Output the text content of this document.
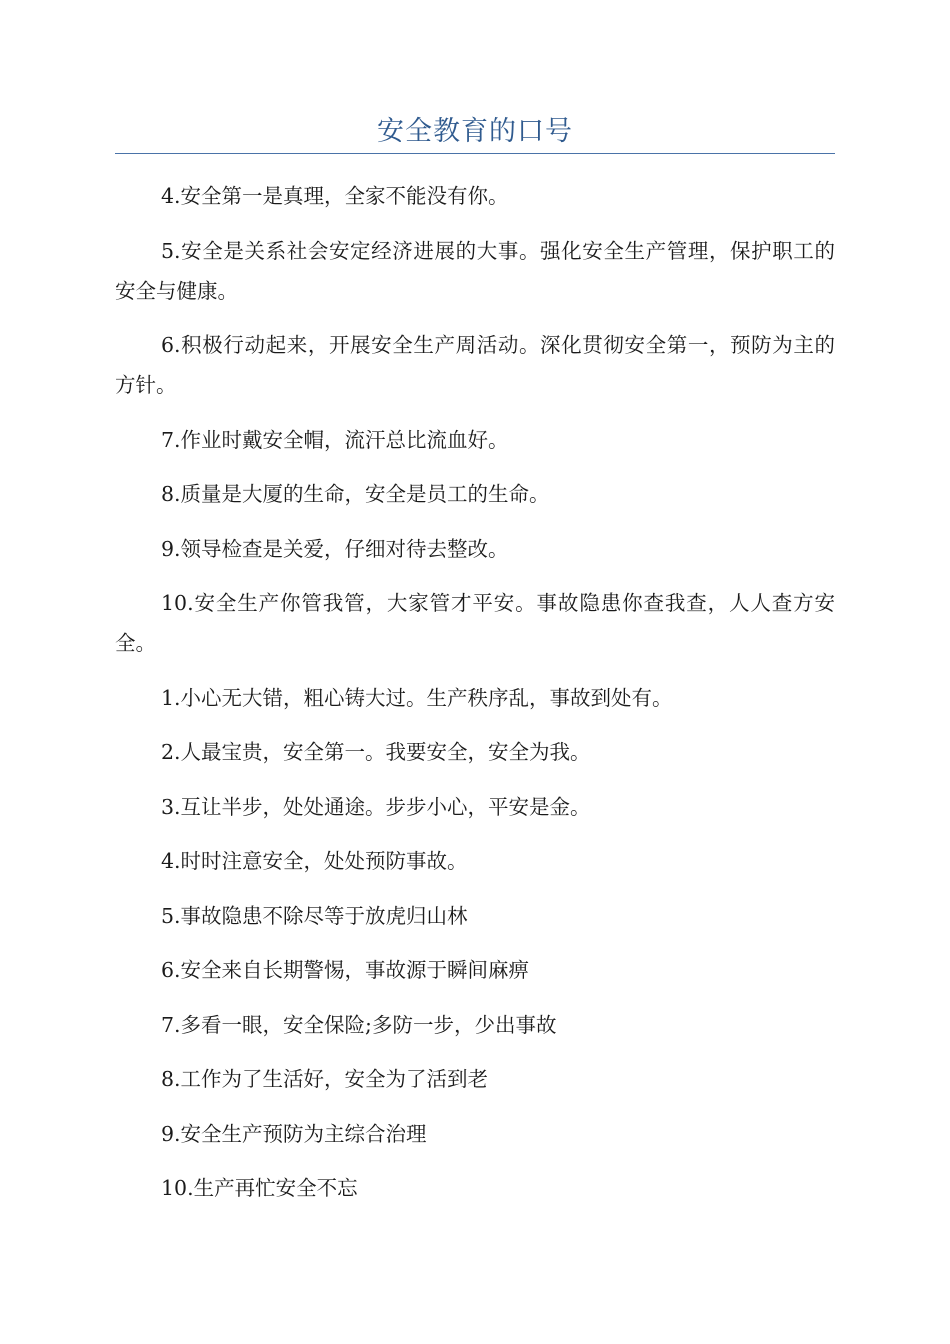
安全教育的口号

4.安全第一是真理，全家不能没有你。

5.安全是关系社会安定经济进展的大事。强化安全生产管理，保护职工的安全与健康。

6.积极行动起来，开展安全生产周活动。深化贯彻安全第一，预防为主的方针。

7.作业时戴安全帽，流汗总比流血好。

8.质量是大厦的生命，安全是员工的生命。

9.领导检查是关爱，仔细对待去整改。

10.安全生产你管我管，大家管才平安。事故隐患你查我查，人人查方安全。

1.小心无大错，粗心铸大过。生产秩序乱，事故到处有。

2.人最宝贵，安全第一。我要安全，安全为我。

3.互让半步，处处通途。步步小心，平安是金。

4.时时注意安全，处处预防事故。

5.事故隐患不除尽等于放虎归山林

6.安全来自长期警惕，事故源于瞬间麻痹

7.多看一眼，安全保险;多防一步，少出事故

8.工作为了生活好，安全为了活到老

9.安全生产预防为主综合治理

10.生产再忙安全不忘
